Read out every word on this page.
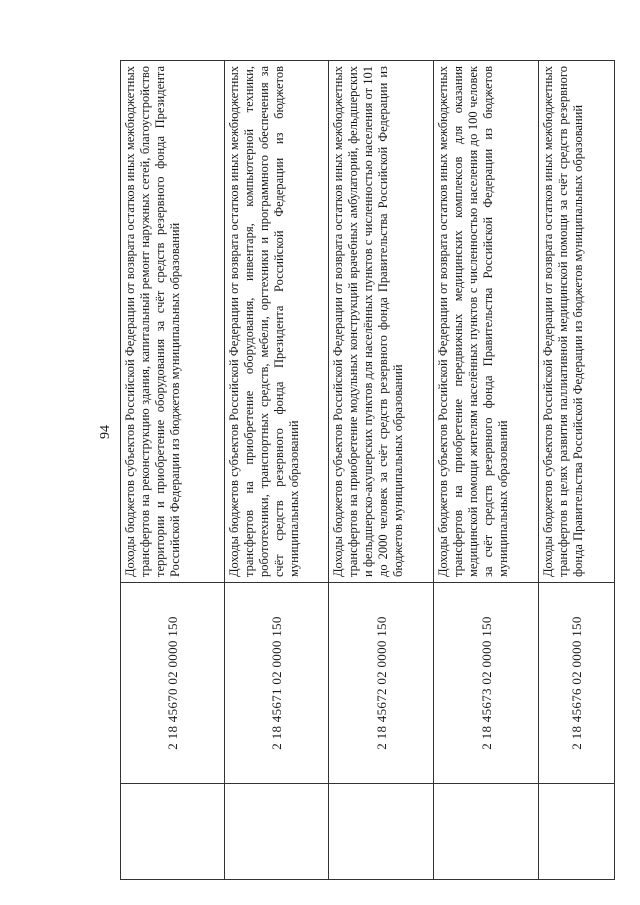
94
	2 18 45670 02 0000 150	Доходы бюджетов субъектов Российской Федерации от возврата остатков иных межбюджетных трансфертов на реконструкцию здания, капитальный ремонт наружных сетей, благоустройство территории и приобретение оборудования за счёт средств резервного фонда Президента Российской Федерации из бюджетов муниципальных образований
	2 18 45671 02 0000 150	Доходы бюджетов субъектов Российской Федерации от возврата остатков иных межбюджетных трансфертов на приобретение оборудования, инвентаря, компьютерной техники, робототехники, транспортных средств, мебели, оргтехники и программного обеспечения за счёт средств резервного фонда Президента Российской Федерации из бюджетов муниципальных образований
	2 18 45672 02 0000 150	Доходы бюджетов субъектов Российской Федерации от возврата остатков иных межбюджетных трансфертов на приобретение модульных конструкций врачебных амбулаторий, фельдшерских и фельдшерско-акушерских пунктов для населённых пунктов с численностью населения от 101 до 2000 человек за счёт средств резервного фонда Правительства Российской Федерации из бюджетов муниципальных образований
	2 18 45673 02 0000 150	Доходы бюджетов субъектов Российской Федерации от возврата остатков иных межбюджетных трансфертов на приобретение передвижных медицинских комплексов для оказания медицинской помощи жителям населённых пунктов с численностью населения до 100 человек за счёт средств резервного фонда Правительства Российской Федерации из бюджетов муниципальных образований
	2 18 45676 02 0000 150	Доходы бюджетов субъектов Российской Федерации от возврата остатков иных межбюджетных трансфертов в целях развития паллиативной медицинской помощи за счёт средств резервного фонда Правительства Российской Федерации из бюджетов муниципальных образований
